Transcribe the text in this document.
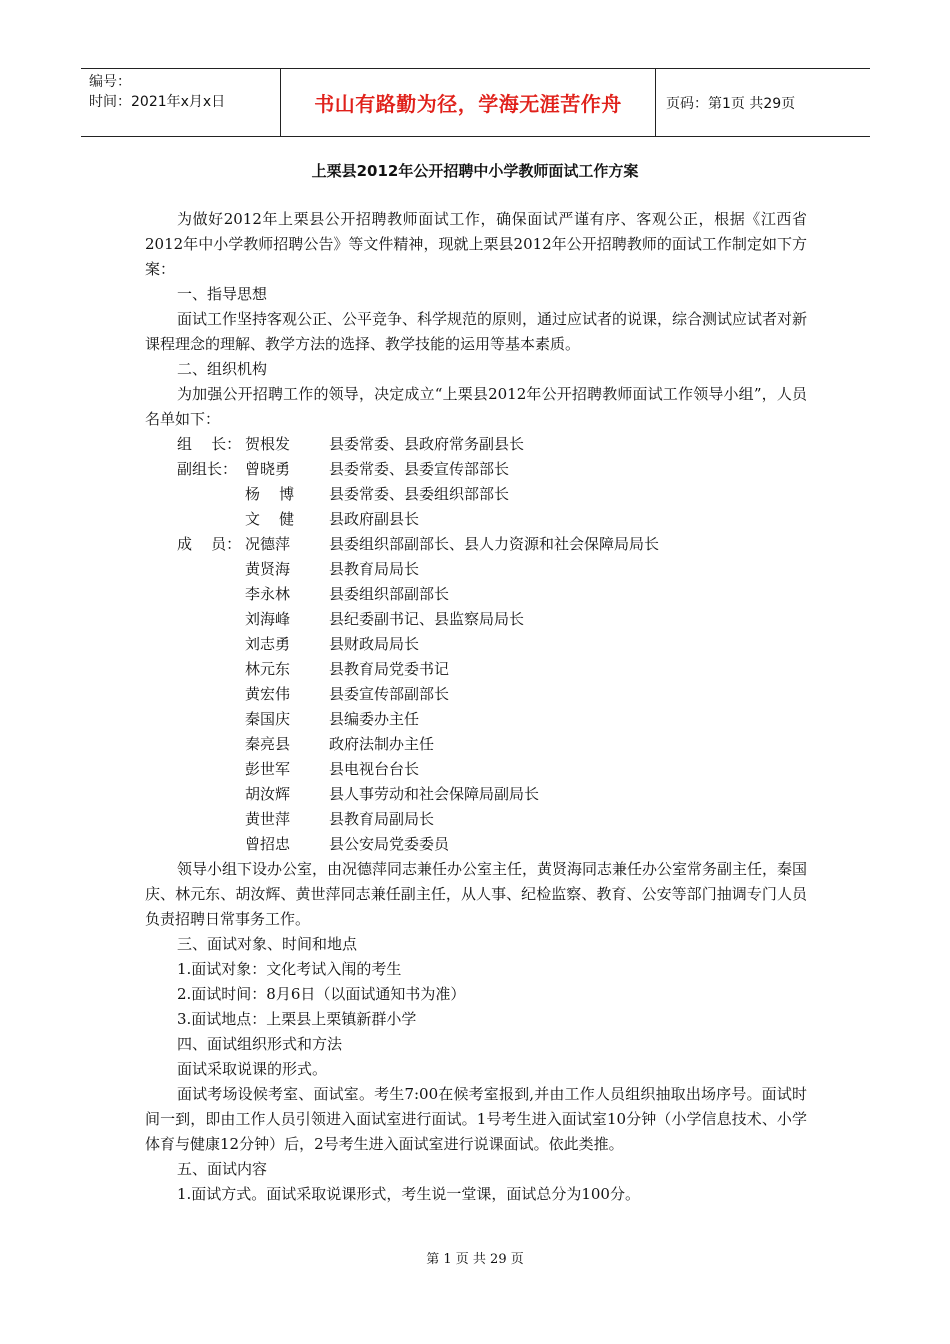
编号：
时间：2021年x月x日	书山有路勤为径，学海无涯苦作舟	页码：第1页 共29页
上栗县2012年公开招聘中小学教师面试工作方案

为做好2012年上栗县公开招聘教师面试工作，确保面试严谨有序、客观公正，根据《江西省2012年中小学教师招聘公告》等文件精神，现就上栗县2012年公开招聘教师的面试工作制定如下方案：

一、指导思想

面试工作坚持客观公正、公平竞争、科学规范的原则，通过应试者的说课，综合测试应试者对新课程理念的理解、教学方法的选择、教学技能的运用等基本素质。

二、组织机构

为加强公开招聘工作的领导，决定成立“上栗县2012年公开招聘教师面试工作领导小组”，人员名单如下：

组    长： 贺根发	县委常委、县政府常务副县长
副组长： 曾晓勇	县委常委、县委宣传部部长
杨    博	县委常委、县委组织部部长
文    健	县政府副县长
成    员： 况德萍	县委组织部副部长、县人力资源和社会保障局局长
黄贤海	县教育局局长
李永林	县委组织部副部长
刘海峰	县纪委副书记、县监察局局长
刘志勇	县财政局局长
林元东	县教育局党委书记
黄宏伟	县委宣传部副部长
秦国庆	县编委办主任
秦亮县	政府法制办主任
彭世军	县电视台台长
胡汝辉	县人事劳动和社会保障局副局长
黄世萍	县教育局副局长
曾招忠	县公安局党委委员

领导小组下设办公室，由况德萍同志兼任办公室主任，黄贤海同志兼任办公室常务副主任，秦国庆、林元东、胡汝辉、黄世萍同志兼任副主任，从人事、纪检监察、教育、公安等部门抽调专门人员负责招聘日常事务工作。

三、面试对象、时间和地点

1.面试对象：文化考试入闱的考生

2.面试时间：8月6日（以面试通知书为准）

3.面试地点：上栗县上栗镇新群小学

四、面试组织形式和方法

面试采取说课的形式。

面试考场设候考室、面试室。考生7:00在候考室报到,并由工作人员组织抽取出场序号。面试时间一到，即由工作人员引领进入面试室进行面试。1号考生进入面试室10分钟（小学信息技术、小学体育与健康12分钟）后，2号考生进入面试室进行说课面试。依此类推。

五、面试内容

1.面试方式。面试采取说课形式，考生说一堂课，面试总分为100分。

第 1 页 共 29 页
